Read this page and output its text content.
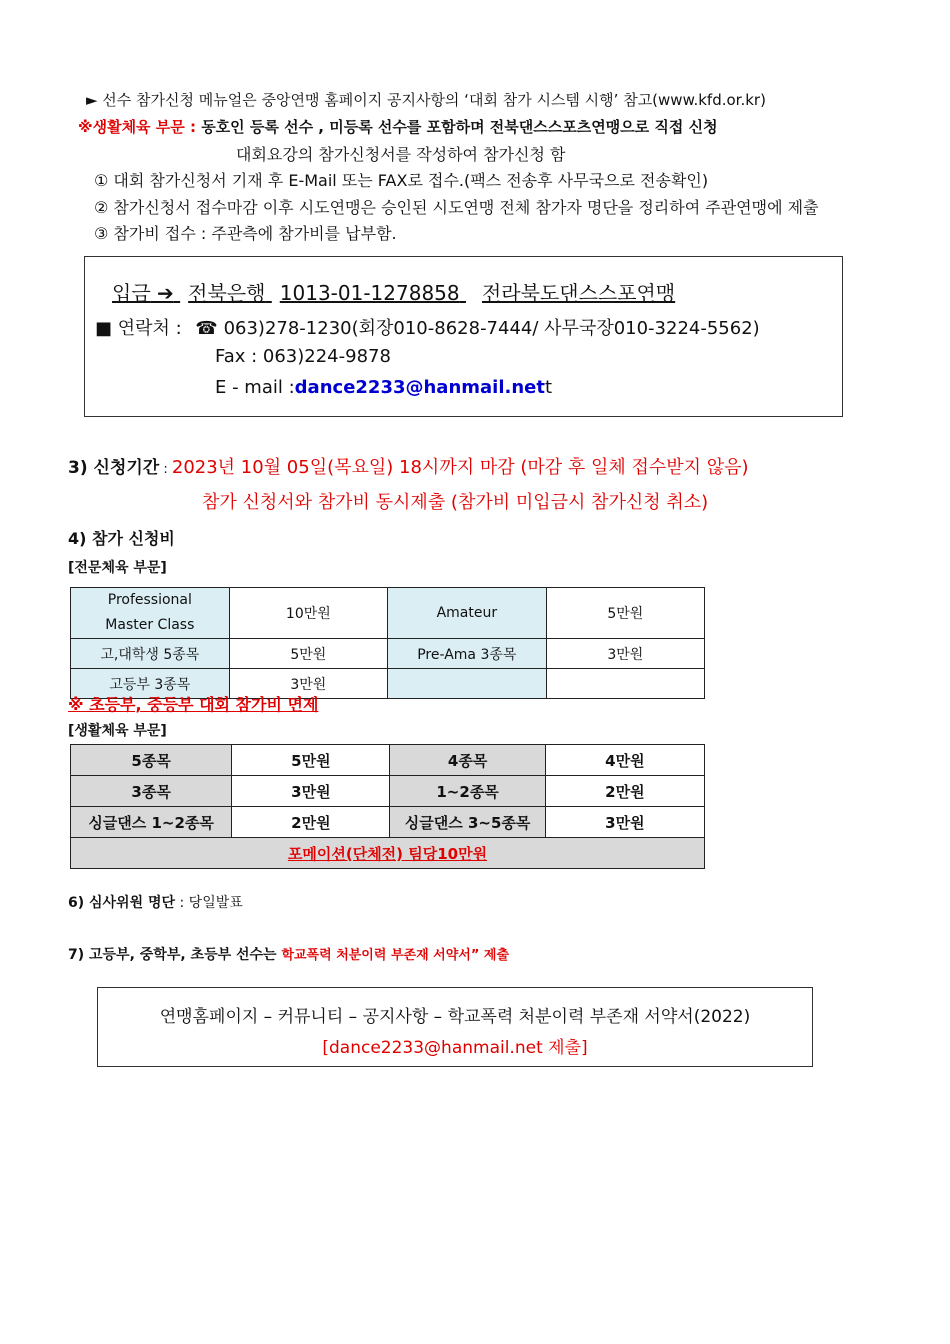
► 선수 참가신청 메뉴얼은 중앙연맹 홈페이지 공지사항의 ‘대회 참가 시스템 시행’ 참고(www.kfd.or.kr)
※생활체육 부문 : 동호인 등록 선수 , 미등록 선수를 포함하며 전북댄스스포츠연맹으로 직접 신청
대회요강의 참가신청서를 작성하여 참가신청 함
① 대회 참가신청서 기재 후 E-Mail 또는 FAX로 접수.(팩스 전송후 사무국으로 전송확인)
② 참가신청서 접수마감 이후 시도연맹은 승인된 시도연맹 전체 참가자 명단을 정리하여 주관연맹에 제출
③ 참가비 접수 : 주관측에 참가비를 납부함.
입금 ➔ 전북은행 1013-01-1278858 전라북도댄스스포연맹
■ 연락처 : ☎ 063)278-1230(회장010-8628-7444/ 사무국장010-3224-5562)
Fax : 063)224-9878
E - mail :dance2233@hanmail.nett
3) 신청기간 : 2023년 10월 05일(목요일) 18시까지 마감 (마감 후 일체 접수받지 않음)
참가 신청서와 참가비 동시제출 (참가비 미입금시 참가신청 취소)
4) 참가 신청비
[전문체육 부문]
Professional
Master Class	10만원	Amateur	5만원
고,대학생 5종목	5만원	Pre-Ama 3종목	3만원
고등부 3종목	3만원		
※ 초등부, 중등부 대회 참가비 면제
[생활체육 부문]
5종목	5만원	4종목	4만원
3종목	3만원	1~2종목	2만원
싱글댄스 1~2종목	2만원	싱글댄스 3~5종목	3만원
포메이션(단체전) 팀당10만원			
6) 심사위원 명단 : 당일발표
7) 고등부, 중학부, 초등부 선수는 학교폭력 처분이력 부존재 서약서” 제출
연맹홈페이지 – 커뮤니티 – 공지사항 – 학교폭력 처분이력 부존재 서약서(2022)
[dance2233@hanmail.net 제출]
